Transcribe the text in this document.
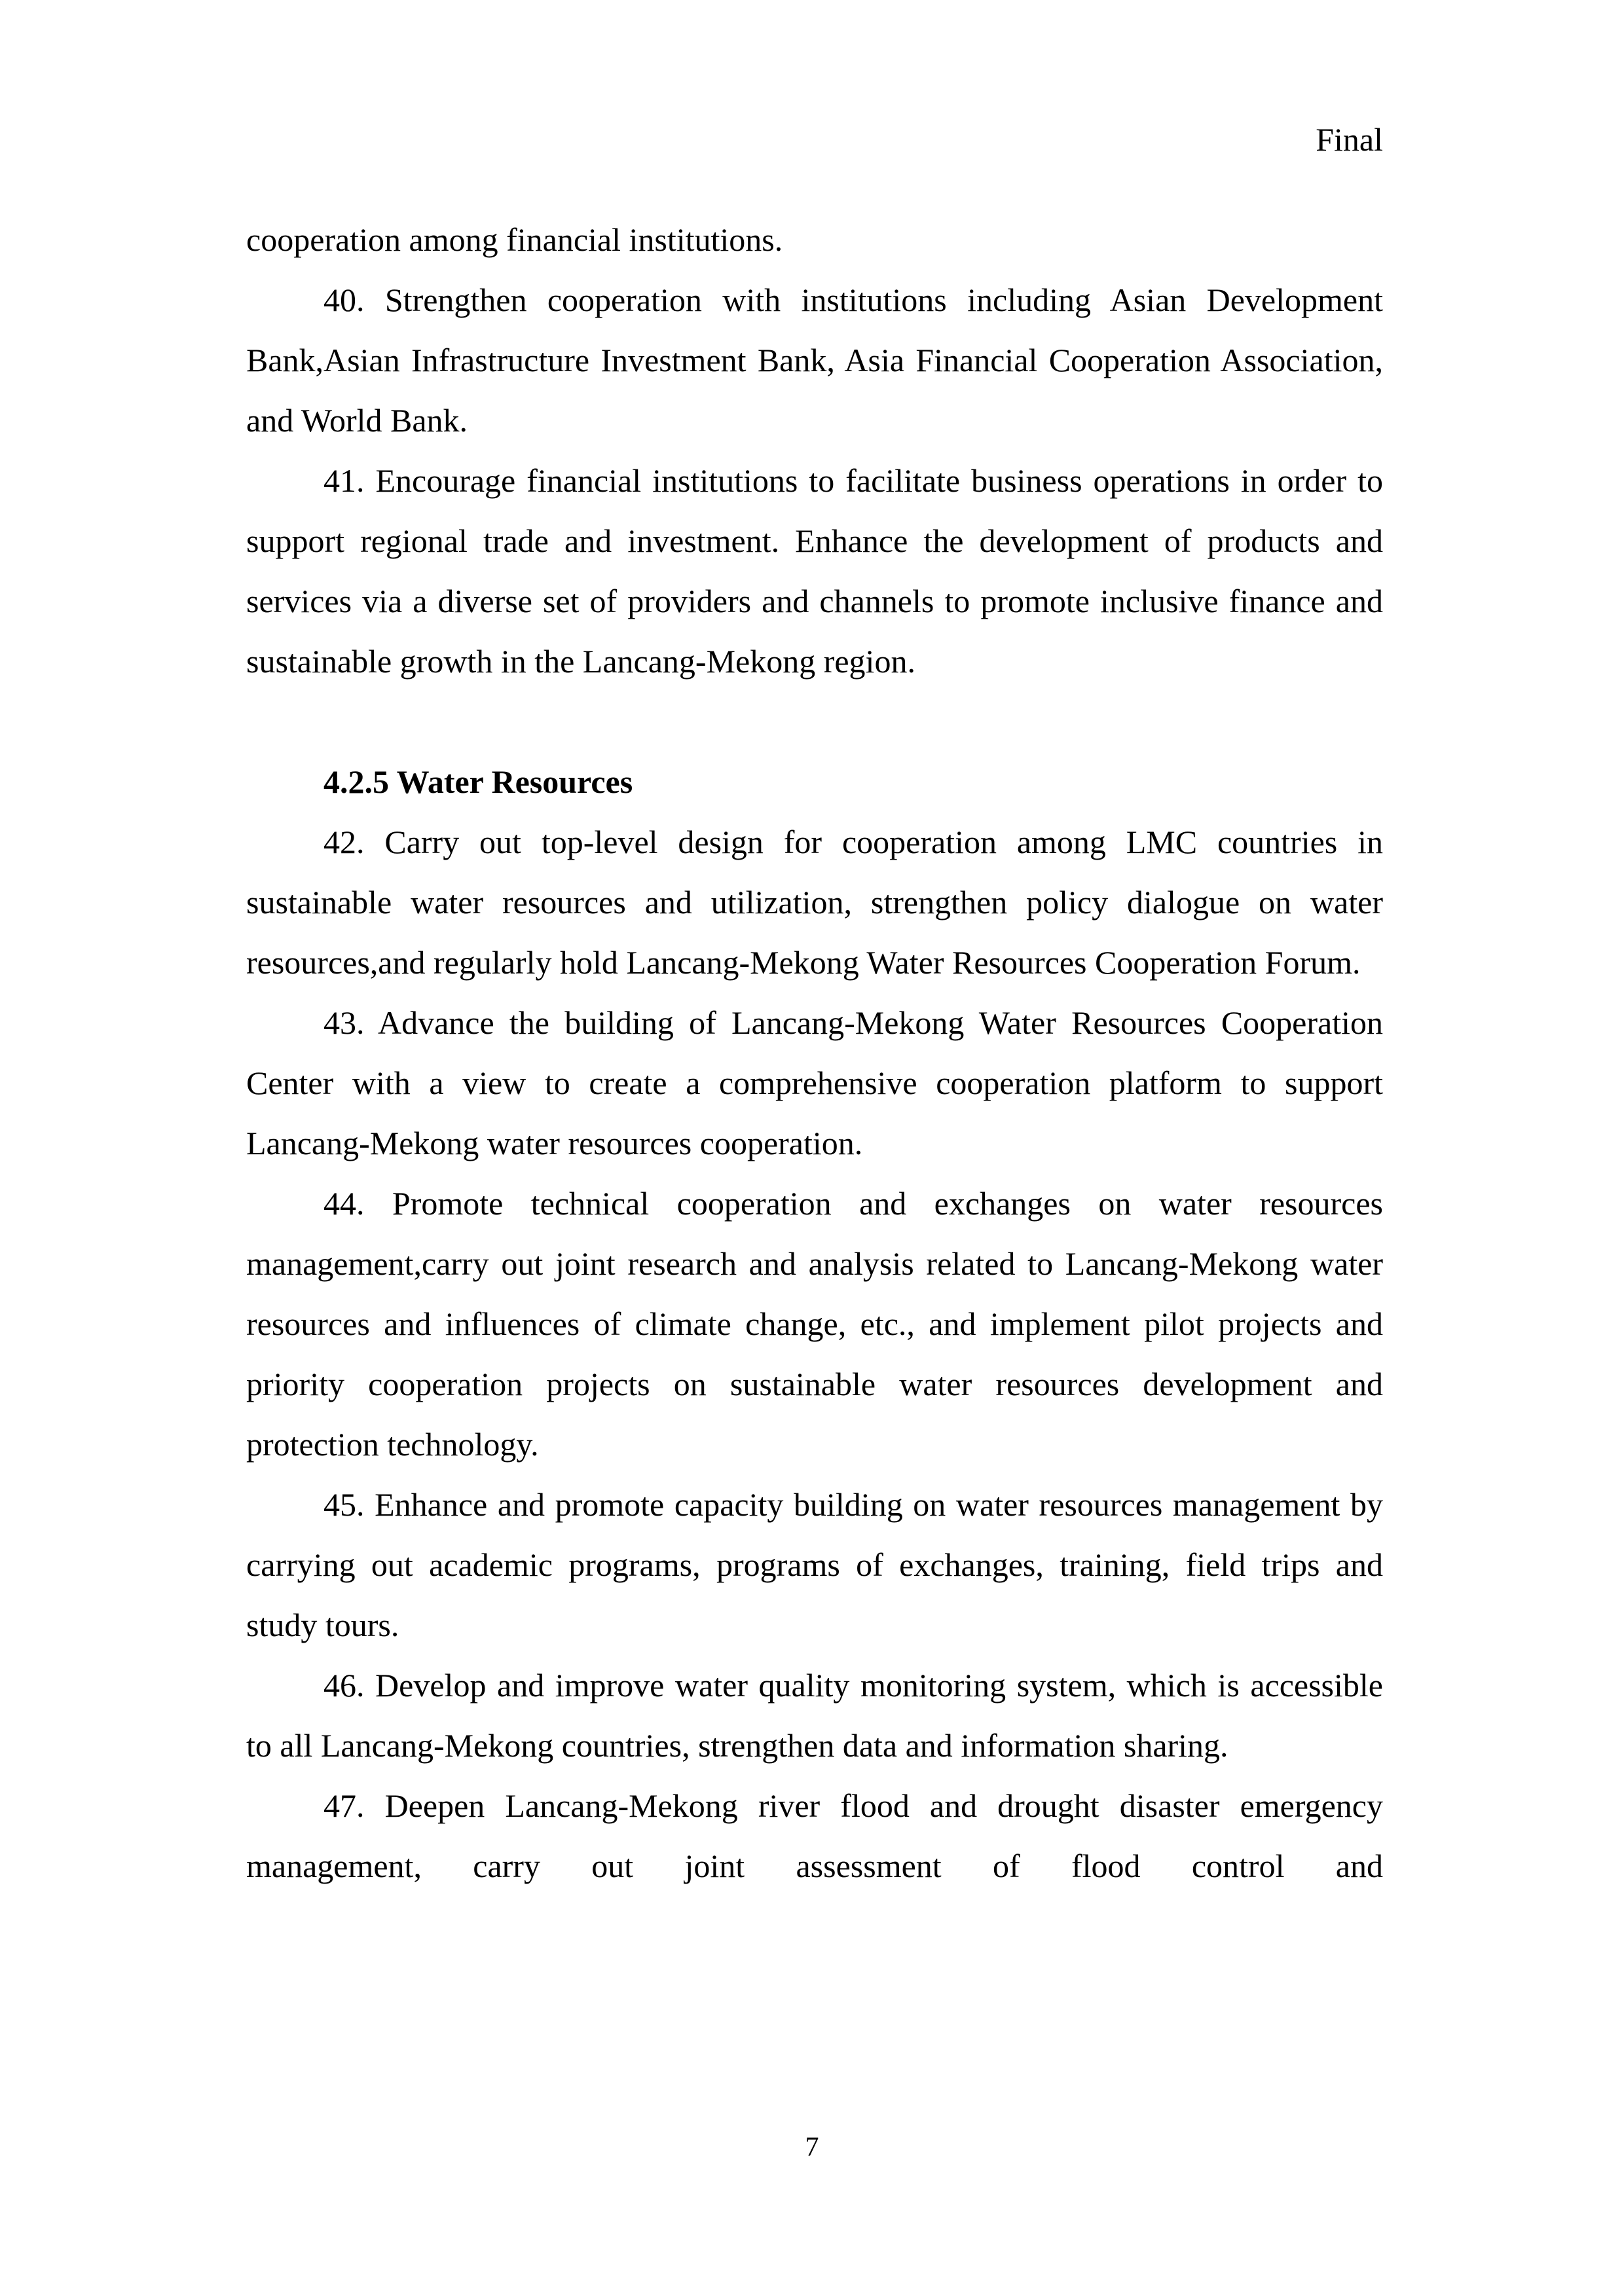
Final

cooperation among financial institutions.

40. Strengthen cooperation with institutions including Asian Development Bank,Asian Infrastructure Investment Bank, Asia Financial Cooperation Association, and World Bank.

41. Encourage financial institutions to facilitate business operations in order to support regional trade and investment. Enhance the development of products and services via a diverse set of providers and channels to promote inclusive finance and sustainable growth in the Lancang-Mekong region.

4.2.5 Water Resources

42. Carry out top-level design for cooperation among LMC countries in sustainable water resources and utilization, strengthen policy dialogue on water resources,and regularly hold Lancang-Mekong Water Resources Cooperation Forum.

43. Advance the building of Lancang-Mekong Water Resources Cooperation Center with a view to create a comprehensive cooperation platform to support Lancang-Mekong water resources cooperation.

44. Promote technical cooperation and exchanges on water resources management,carry out joint research and analysis related to Lancang-Mekong water resources and influences of climate change, etc., and implement pilot projects and priority cooperation projects on sustainable water resources development and protection technology.

45. Enhance and promote capacity building on water resources management by carrying out academic programs, programs of exchanges, training, field trips and study tours.

46. Develop and improve water quality monitoring system, which is accessible to all Lancang-Mekong countries, strengthen data and information sharing.

47. Deepen Lancang-Mekong river flood and drought disaster emergency management, carry out joint assessment of flood control and

7
